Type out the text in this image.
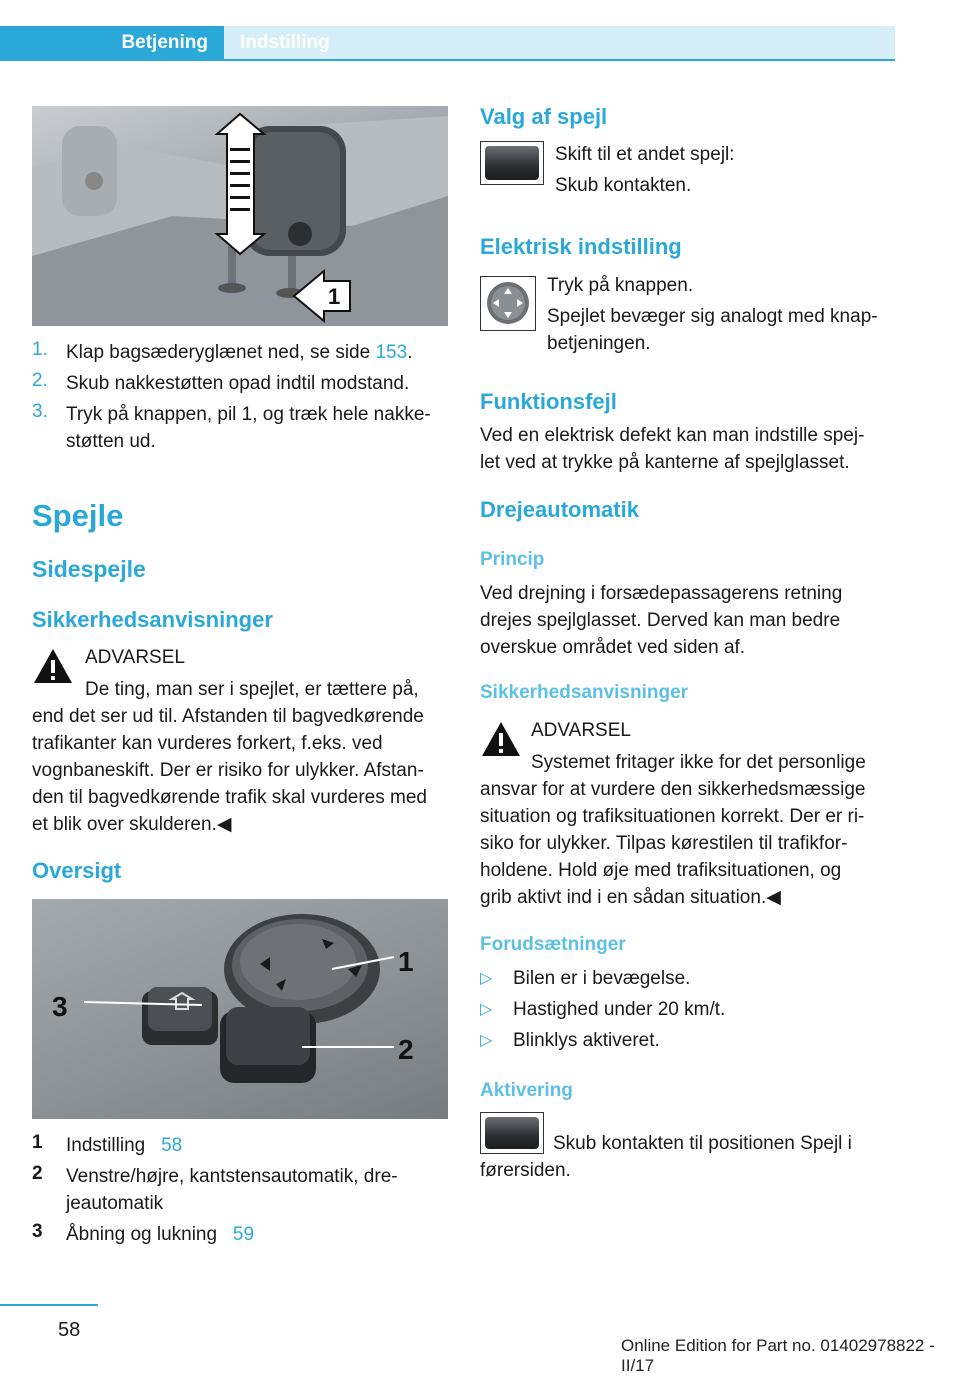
Betjening	Indstilling
1
1. Klap bagsæderyglænet ned, se side 153.
2. Skub nakkestøtten opad indtil modstand.
3. Tryk på knappen, pil 1, og træk hele nakke‐
støtten ud.
Spejle
Sidespejle
Sikkerhedsanvisninger
ADVARSEL
De ting, man ser i spejlet, er tættere på,
end det ser ud til. Afstanden til bagvedkørende
trafikanter kan vurderes forkert, f.eks. ved
vognbaneskift. Der er risiko for ulykker. Afstan‐
den til bagvedkørende trafik skal vurderes med
et blik over skulderen.◀
Oversigt
3
1
2
1 Indstilling 58
2 Venstre/højre, kantstensautomatik, dre‐
jeautomatik
3 Åbning og lukning 59
Valg af spejl
Skift til et andet spejl:
Skub kontakten.
Elektrisk indstilling
Tryk på knappen.
Spejlet bevæger sig analogt med knap‐
betjeningen.
Funktionsfejl
Ved en elektrisk defekt kan man indstille spej‐
let ved at trykke på kanterne af spejlglasset.
Drejeautomatik
Princip
Ved drejning i forsædepassagerens retning
drejes spejlglasset. Derved kan man bedre
overskue området ved siden af.
Sikkerhedsanvisninger
ADVARSEL
Systemet fritager ikke for det personlige
ansvar for at vurdere den sikkerhedsmæssige
situation og trafiksituationen korrekt. Der er ri‐
siko for ulykker. Tilpas kørestilen til trafikfor‐
holdene. Hold øje med trafiksituationen, og
grib aktivt ind i en sådan situation.◀
Forudsætninger
▷ Bilen er i bevægelse.
▷ Hastighed under 20 km/t.
▷ Blinklys aktiveret.
Aktivering
Skub kontakten til positionen Spejl i
førersiden.
58
Online Edition for Part no. 01402978822 - II/17
